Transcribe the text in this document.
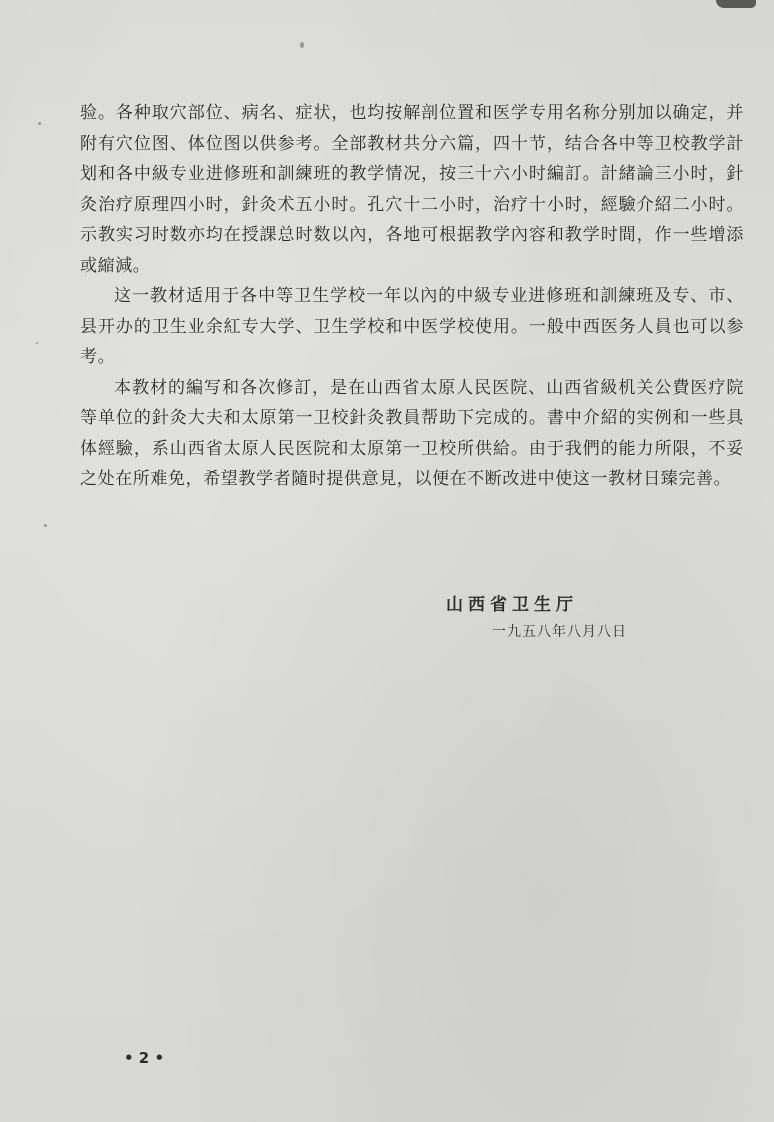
验。各种取穴部位、病名、症状，也均按解剖位置和医学专用名称分别加以确定，并附有穴位图、体位图以供参考。全部教材共分六篇，四十节，结合各中等卫校教学計划和各中級专业进修班和訓練班的教学情况，按三十六小时編訂。計緒論三小时，針灸治疗原理四小时，針灸术五小时。孔穴十二小时，治疗十小时，經驗介紹二小时。示教实习时数亦均在授課总时数以內，各地可根据教学內容和教学时間，作一些增添或縮減。

这一教材适用于各中等卫生学校一年以內的中級专业进修班和訓練班及专、市、县开办的卫生业余紅专大学、卫生学校和中医学校使用。一般中西医务人員也可以参考。

本教材的編写和各次修訂，是在山西省太原人民医院、山西省級机关公費医疗院等单位的針灸大夫和太原第一卫校針灸教員帮助下完成的。書中介紹的实例和一些具体經驗，系山西省太原人民医院和太原第一卫校所供給。由于我們的能力所限，不妥之处在所难免，希望教学者隨时提供意見，以便在不断改进中使这一教材日臻完善。

山西省卫生厅
一九五八年八月八日
• 2 •
